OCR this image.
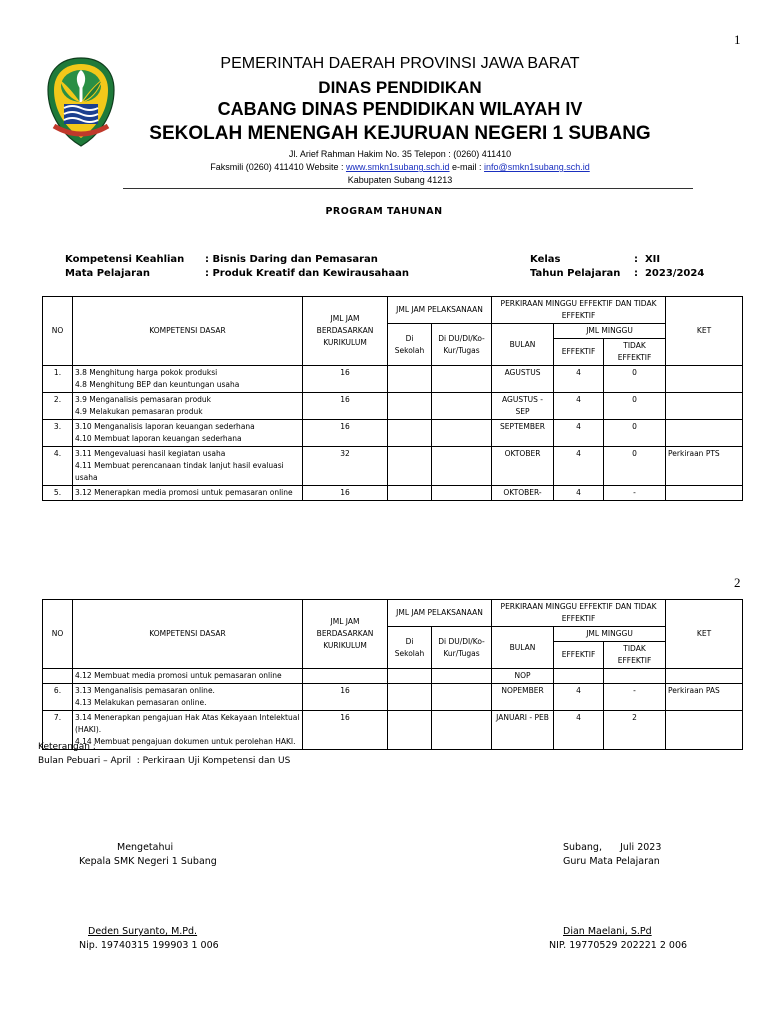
1
2
PEMERINTAH DAERAH PROVINSI JAWA BARAT
DINAS PENDIDIKAN
CABANG DINAS PENDIDIKAN WILAYAH IV
SEKOLAH MENENGAH KEJURUAN NEGERI 1 SUBANG
Jl. Arief Rahman Hakim No. 35 Telepon : (0260) 411410
Faksmili (0260) 411410 Website : www.smkn1subang.sch.id e-mail : info@smkn1subang.sch.id
Kabupaten Subang 41213
PROGRAM TAHUNAN
Kompetensi Keahlian : Bisnis Daring dan Pemasaran
Mata Pelajaran	: Produk Kreatif dan Kewirausahaan
Kelas	:  XII
Tahun Pelajaran :  2023/2024
NO	KOMPETENSI DASAR	JML JAM BERDASARKAN KURIKULUM	JML JAM PELAKSANAAN		PERKIRAAN MINGGU EFFEKTIF DAN TIDAK EFFEKTIF			KET
			Di Sekolah	Di DU/DI/Ko-Kur/Tugas	BULAN	JML MINGGU		
						EFFEKTIF	TIDAK EFFEKTIF	
1.	3.8 Menghitung harga pokok produksi
4.8 Menghitung BEP dan keuntungan usaha	16			AGUSTUS	4	0	
2.	3.9 Menganalisis pemasaran produk
4.9 Melakukan pemasaran produk	16			AGUSTUS - SEP	4	0	
3.	3.10 Menganalisis laporan keuangan sederhana
4.10 Membuat laporan keuangan sederhana	16			SEPTEMBER	4	0	
4.	3.11 Mengevaluasi hasil kegiatan usaha
4.11 Membuat perencanaan tindak lanjut hasil evaluasi
usaha	32			OKTOBER	4	0	Perkiraan PTS
5.	3.12 Menerapkan media promosi untuk pemasaran online	16			OKTOBER-	4	-	
NO	KOMPETENSI DASAR	JML JAM BERDASARKAN KURIKULUM	JML JAM PELAKSANAAN		PERKIRAAN MINGGU EFFEKTIF DAN TIDAK EFFEKTIF			KET
			Di Sekolah	Di DU/DI/Ko-Kur/Tugas	BULAN	JML MINGGU		
						EFFEKTIF	TIDAK EFFEKTIF	

	4.12 Membuat media promosi untuk pemasaran online				NOP			
6.	3.13 Menganalisis pemasaran online.
4.13 Melakukan pemasaran online.	16			NOPEMBER	4	-	Perkiraan PAS
7.	3.14 Menerapkan pengajuan Hak Atas Kekayaan Intelektual
(HAKI).
4.14 Membuat pengajuan dokumen untuk perolehan HAKI.	16			JANUARI - PEB	4	2	
Keterangan :
Bulan Pebuari – April  : Perkiraan Uji Kompetensi dan US
Mengetahui
Kepala SMK Negeri 1 Subang
Deden Suryanto, M.Pd.
Nip. 19740315 199903 1 006
Subang,      Juli 2023
Guru Mata Pelajaran
Dian Maelani, S.Pd
NIP. 19770529 202221 2 006
